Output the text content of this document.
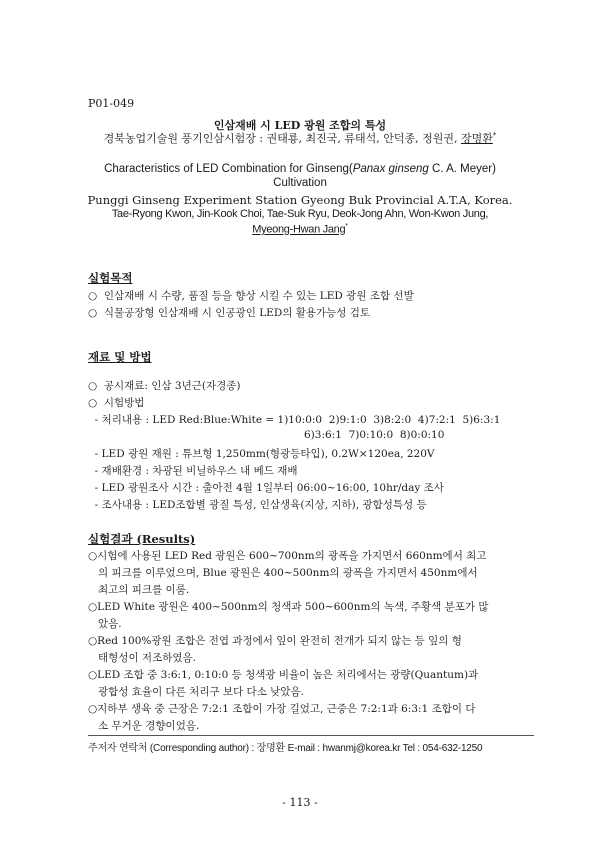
P01-049
인삼재배 시 LED 광원 조합의 특성
경북농업기술원 풍기인삼시험장 : 권태룡, 최진국, 류태석, 안덕종, 정원권, 장명환*
Characteristics of LED Combination for Ginseng(Panax ginseng C. A. Meyer)
Cultivation
Punggi Ginseng Experiment Station Gyeong Buk Provincial A.T.A, Korea.
Tae-Ryong Kwon, Jin-Kook Choi, Tae-Suk Ryu, Deok-Jong Ahn, Won-Kwon Jung,
Myeong-Hwan Jang*
실험목적
○  인삼재배 시 수량, 품질 등을 향상 시킬 수 있는 LED 광원 조합 선발
○  식물공장형 인삼재배 시 인공광인 LED의 활용가능성 검토
재료 및 방법
○  공시재료: 인삼 3년근(자경종)
○  시험방법
- 처리내용 : LED Red:Blue:White = 1)10:0:0  2)9:1:0  3)8:2:0  4)7:2:1  5)6:3:1
6)3:6:1  7)0:10:0  8)0:0:10
- LED 광원 재원 : 튜브형 1,250mm(형광등타입), 0.2W×120ea, 220V
- 재배환경 : 차광된 비닐하우스 내 베드 재배
- LED 광원조사 시간 : 출아전 4월 1일부터 06:00∼16:00, 10hr/day 조사
- 조사내용 : LED조합별 광질 특성, 인삼생육(지상, 지하), 광합성특성 등
실험결과 (Results)
○시험에 사용된 LED Red 광원은 600∼700nm의 광폭을 가지면서 660nm에서 최고
의 피크를 이루었으며, Blue 광원은 400∼500nm의 광폭을 가지면서 450nm에서
최고의 피크를 이룸.
○LED White 광원은 400∼500nm의 청색과 500∼600nm의 녹색, 주황색 분포가 많
았음.
○Red 100%광원 조합은 전엽 과정에서 잎이 완전히 전개가 되지 않는 등 잎의 형
태형성이 저조하였음.
○LED 조합 중 3:6:1, 0:10:0 등 청색광 비율이 높은 처리에서는 광량(Quantum)과
광합성 효율이 다른 처리구 보다 다소 낮았음.
○지하부 생육 중 근장은 7:2:1 조합이 가장 길었고, 근중은 7:2:1과 6:3:1 조합이 다
소 무거운 경향이었음.
주저자 연락처 (Corresponding author) : 장명환 E-mail : hwanmj@korea.kr Tel : 054-632-1250
- 113 -
